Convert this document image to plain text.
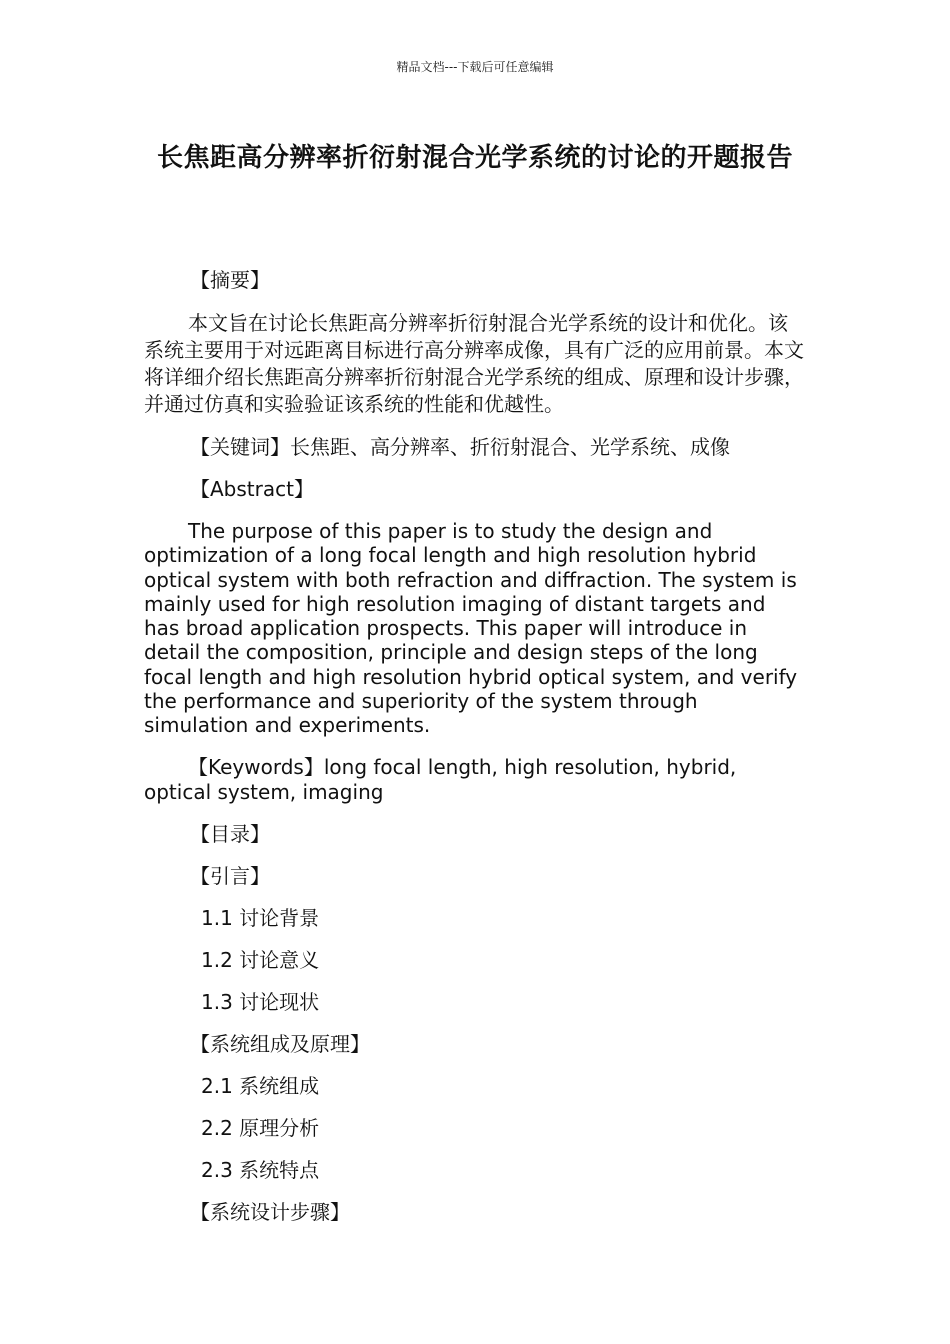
精品文档---下载后可任意编辑
长焦距高分辨率折衍射混合光学系统的讨论的开题报告
【摘要】
本文旨在讨论长焦距高分辨率折衍射混合光学系统的设计和优化。该系统主要用于对远距离目标进行高分辨率成像，具有广泛的应用前景。本文将详细介绍长焦距高分辨率折衍射混合光学系统的组成、原理和设计步骤，并通过仿真和实验验证该系统的性能和优越性。
【关键词】长焦距、高分辨率、折衍射混合、光学系统、成像
【Abstract】
The purpose of this paper is to study the design and optimization of a long focal length and high resolution hybrid optical system with both refraction and diffraction. The system is mainly used for high resolution imaging of distant targets and has broad application prospects. This paper will introduce in detail the composition, principle and design steps of the long focal length and high resolution hybrid optical system, and verify the performance and superiority of the system through simulation and experiments.
【Keywords】long focal length, high resolution, hybrid, optical system, imaging
【目录】
【引言】
1.1 讨论背景
1.2 讨论意义
1.3 讨论现状
【系统组成及原理】
2.1 系统组成
2.2 原理分析
2.3 系统特点
【系统设计步骤】
